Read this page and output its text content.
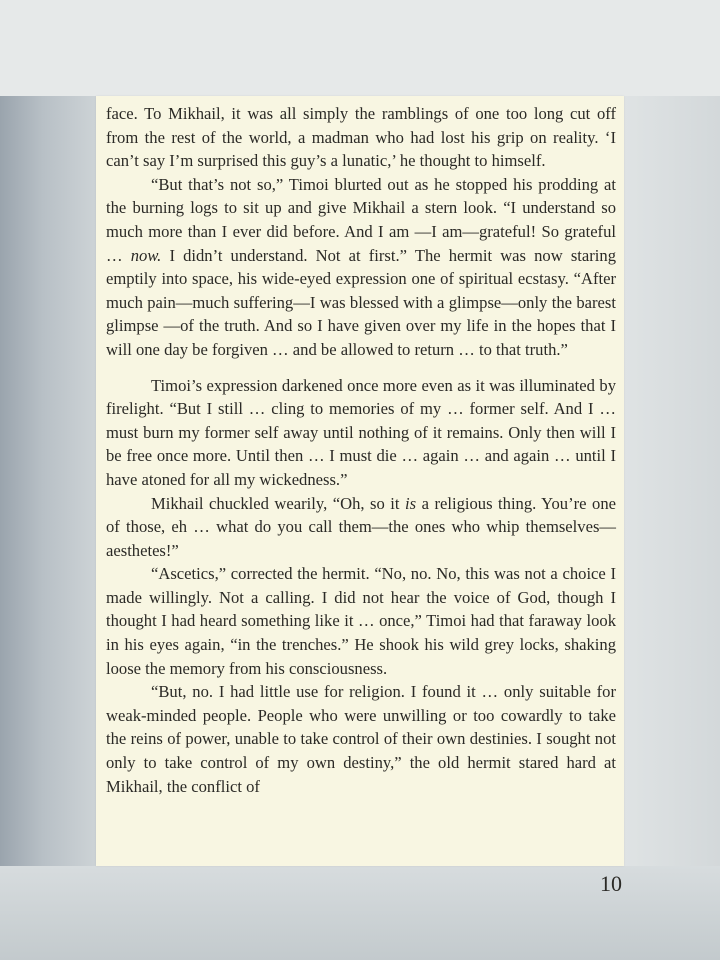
face. To Mikhail, it was all simply the ramblings of one too long cut off from the rest of the world, a madman who had lost his grip on reality. ‘I can’t say I’m surprised this guy’s a lunatic,’ he thought to himself.

“But that’s not so,” Timoi blurted out as he stopped his prodding at the burning logs to sit up and give Mikhail a stern look. “I understand so much more than I ever did before. And I am —I am—grateful! So grateful … now. I didn’t understand. Not at first.” The hermit was now staring emptily into space, his wide-eyed expression one of spiritual ecstasy. “After much pain—much suffering—I was blessed with a glimpse—only the barest glimpse —of the truth. And so I have given over my life in the hopes that I will one day be forgiven … and be allowed to return … to that truth.”

Timoi’s expression darkened once more even as it was illuminated by firelight. “But I still … cling to memories of my … former self. And I … must burn my former self away until nothing of it remains. Only then will I be free once more. Until then … I must die … again … and again … until I have atoned for all my wickedness.”

Mikhail chuckled wearily, “Oh, so it is a religious thing. You’re one of those, eh … what do you call them—the ones who whip themselves—aesthetes!”

“Ascetics,” corrected the hermit. “No, no. No, this was not a choice I made willingly. Not a calling. I did not hear the voice of God, though I thought I had heard something like it … once,” Timoi had that faraway look in his eyes again, “in the trenches.” He shook his wild grey locks, shaking loose the memory from his consciousness.

“But, no. I had little use for religion. I found it … only suitable for weak-minded people. People who were unwilling or too cowardly to take the reins of power, unable to take control of their own destinies. I sought not only to take control of my own destiny,” the old hermit stared hard at Mikhail, the conflict of

10
